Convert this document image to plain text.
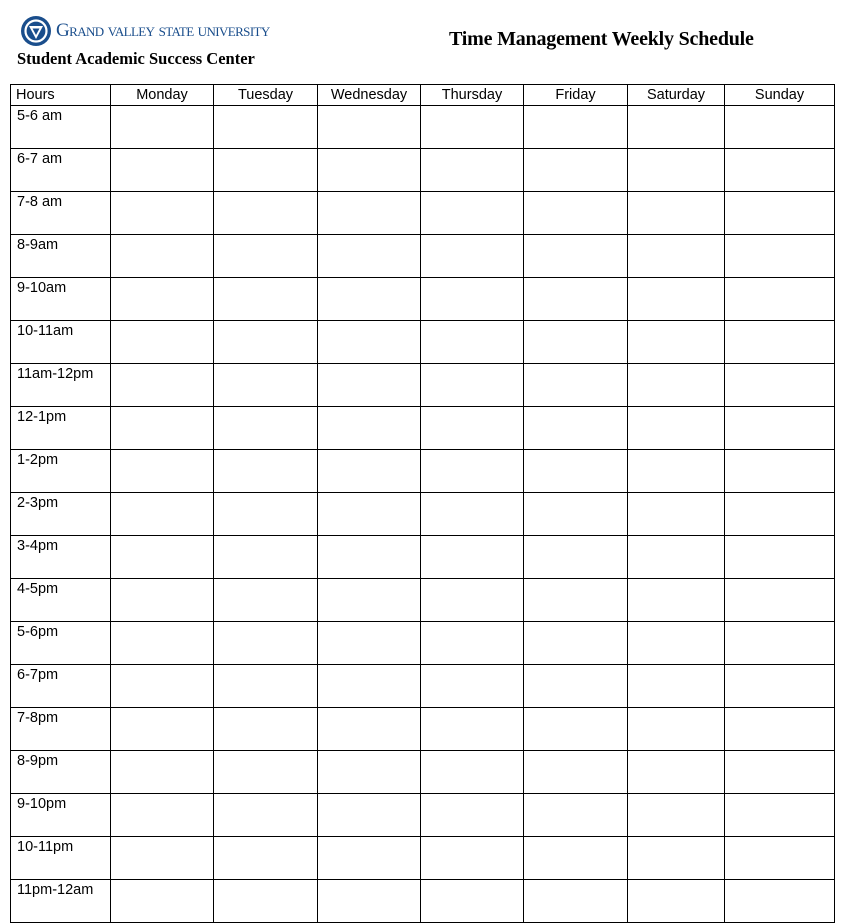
Grand valley state university
Student Academic Success Center
Time Management Weekly Schedule
Hours	Monday	Tuesday	Wednesday	Thursday	Friday	Saturday	Sunday
5-6 am							
6-7 am							
7-8 am							
8-9am							
9-10am							
10-11am							
11am-12pm							
12-1pm							
1-2pm							
2-3pm							
3-4pm							
4-5pm							
5-6pm							
6-7pm							
7-8pm							
8-9pm							
9-10pm							
10-11pm							
11pm-12am							
